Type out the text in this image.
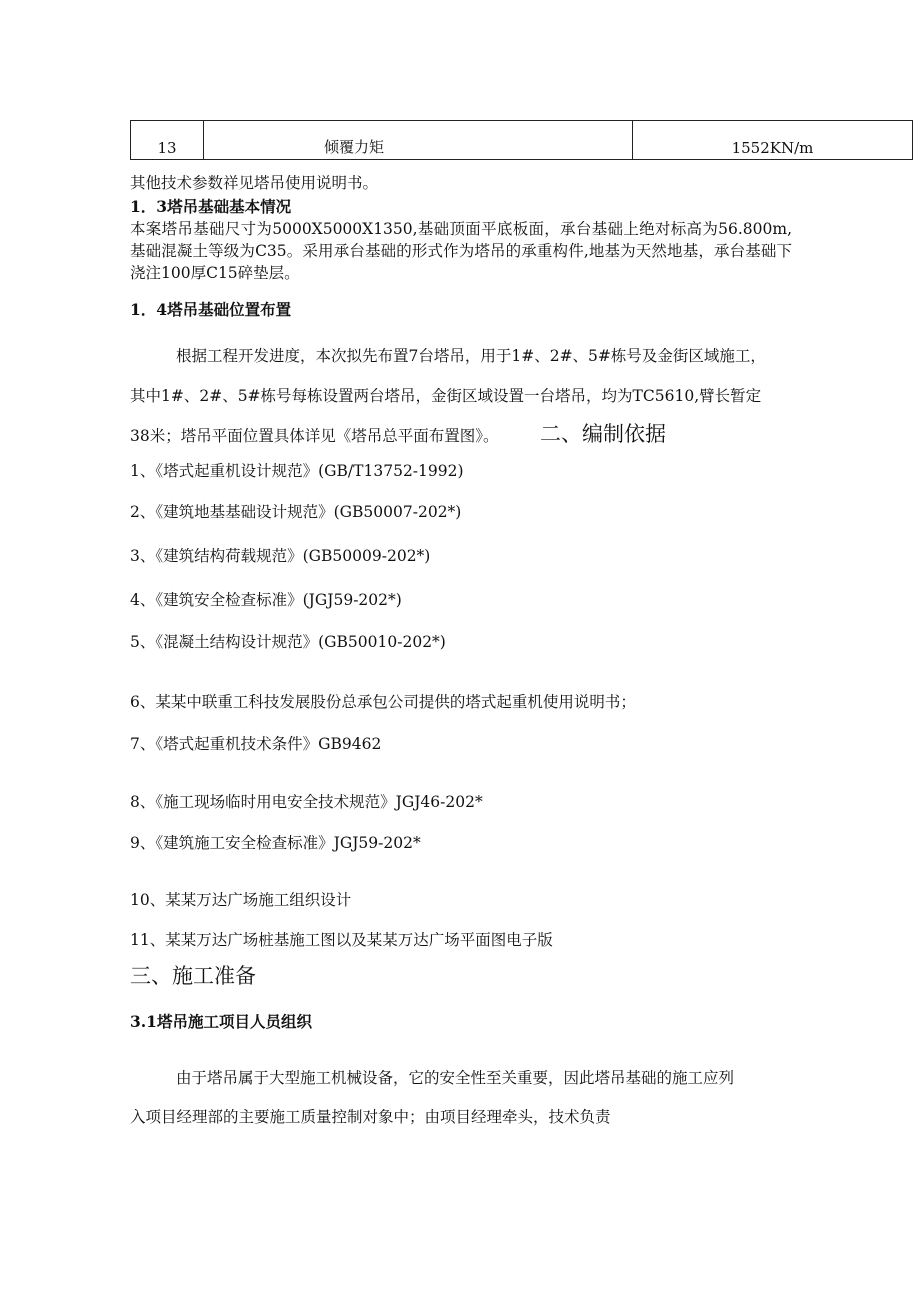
13	倾覆力矩	1552KN/m
其他技术参数祥见塔吊使用说明书。
1．3塔吊基础基本情况
本案塔吊基础尺寸为5000X5000X1350,基础顶面平底板面，承台基础上绝对标高为56.800m,基础混凝土等级为C35。采用承台基础的形式作为塔吊的承重构件,地基为天然地基，承台基础下浇注100厚C15碎垫层。
1．4塔吊基础位置布置
根据工程开发进度，本次拟先布置7台塔吊，用于1#、2#、5#栋号及金街区域施工，
其中1#、2#、5#栋号每栋设置两台塔吊，金街区域设置一台塔吊，均为TC5610,臂长暂定
38米；塔吊平面位置具体详见《塔吊总平面布置图》。 二、编制依据
1、《塔式起重机设计规范》(GB/T13752-1992)
2、《建筑地基基础设计规范》(GB50007-202*)
3、《建筑结构荷载规范》(GB50009-202*)
4、《建筑安全检查标准》(JGJ59-202*)
5、《混凝土结构设计规范》(GB50010-202*)
6、某某中联重工科技发展股份总承包公司提供的塔式起重机使用说明书；
7、《塔式起重机技术条件》GB9462
8、《施工现场临时用电安全技术规范》JGJ46-202*
9、《建筑施工安全检查标准》JGJ59-202*
10、某某万达广场施工组织设计
11、某某万达广场桩基施工图以及某某万达广场平面图电子版
三、施工准备
3.1塔吊施工项目人员组织
由于塔吊属于大型施工机械设备，它的安全性至关重要，因此塔吊基础的施工应列
入项目经理部的主要施工质量控制对象中；由项目经理牵头，技术负责
